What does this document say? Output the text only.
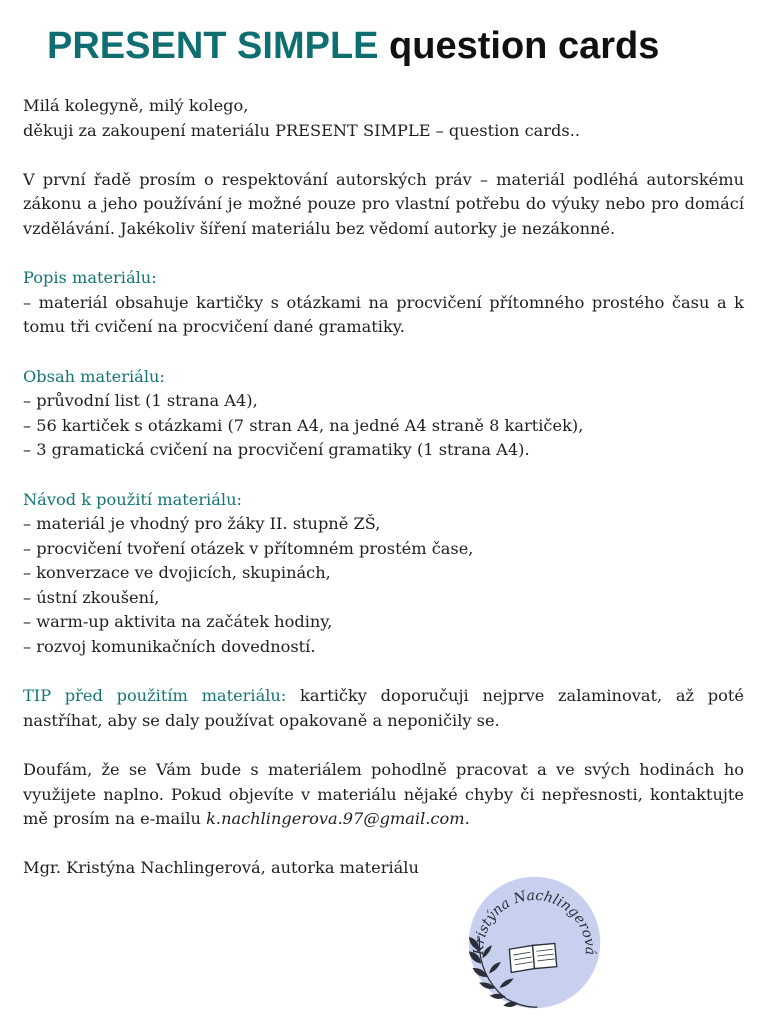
PRESENT SIMPLE question cards

Milá kolegyně, milý kolego,

děkuji za zakoupení materiálu PRESENT SIMPLE – question cards..

V první řadě prosím o respektování autorských práv – materiál podléhá autorskému zákonu a jeho používání je možné pouze pro vlastní potřebu do výuky nebo pro domácí vzdělávání. Jakékoliv šíření materiálu bez vědomí autorky je nezákonné.

Popis materiálu:

– materiál obsahuje kartičky s otázkami na procvičení přítomného prostého času a k tomu tři cvičení na procvičení dané gramatiky.

Obsah materiálu:

– průvodní list (1 strana A4),

– 56 kartiček s otázkami (7 stran A4, na jedné A4 straně 8 kartiček),

– 3 gramatická cvičení na procvičení gramatiky (1 strana A4).

Návod k použití materiálu:

– materiál je vhodný pro žáky II. stupně ZŠ,

– procvičení tvoření otázek v přítomném prostém čase,

– konverzace ve dvojicích, skupinách,

– ústní zkoušení,

– warm-up aktivita na začátek hodiny,

– rozvoj komunikačních dovedností.

TIP před použitím materiálu: kartičky doporučuji nejprve zalaminovat, až poté nastříhat, aby se daly používat opakovaně a neponičily se.

Doufám, že se Vám bude s materiálem pohodlně pracovat a ve svých hodinách ho využijete naplno. Pokud objevíte v materiálu nějaké chyby či nepřesnosti, kontaktujte mě prosím na e-mailu k.nachlingerova.97@gmail.com.

Mgr. Kristýna Nachlingerová, autorka materiálu

Kristýna Nachlingerová
